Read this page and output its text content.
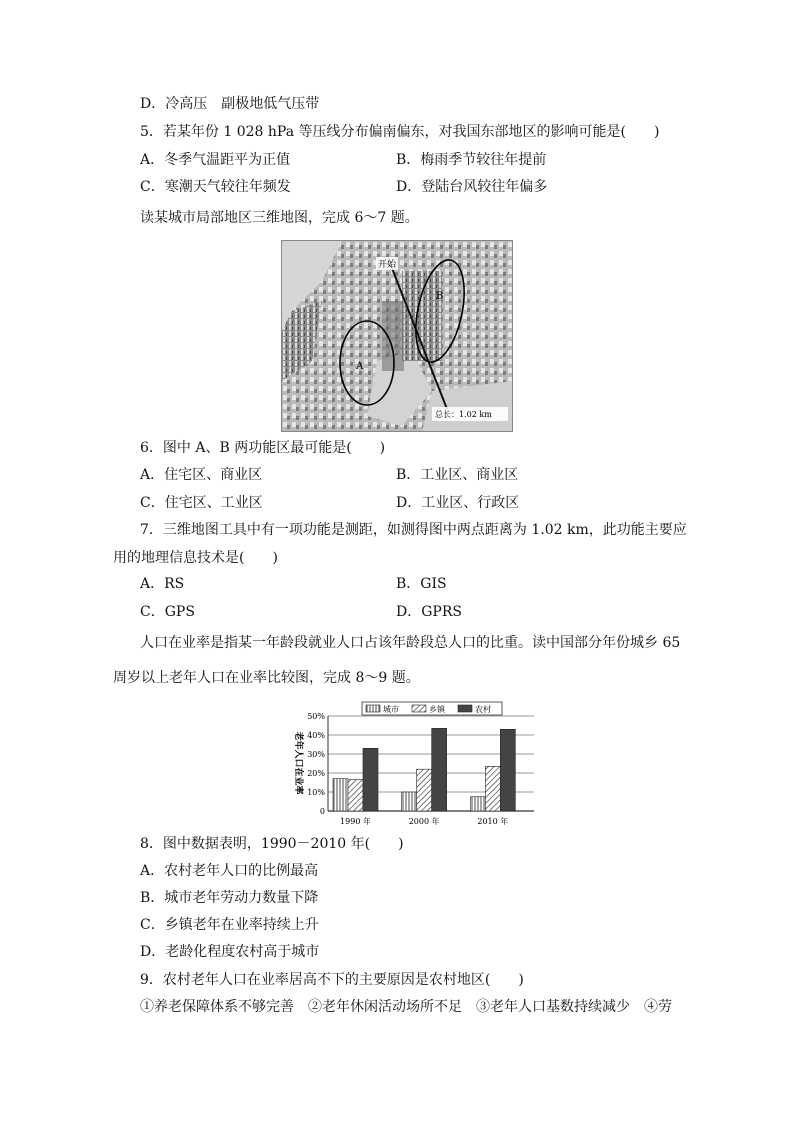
D．冷高压　副极地低气压带
5．若某年份 1 028 hPa 等压线分布偏南偏东，对我国东部地区的影响可能是(　　)
A．冬季气温距平为正值	B．梅雨季节较往年提前
C．寒潮天气较往年频发	D．登陆台风较往年偏多
读某城市局部地区三维地图，完成 6～7 题。
开始
B
A
总长：1.02 km
6．图中 A、B 两功能区最可能是(　　)
A．住宅区、商业区	B．工业区、商业区
C．住宅区、工业区	D．工业区、行政区
7．三维地图工具中有一项功能是测距，如测得图中两点距离为 1.02 km，此功能主要应
用的地理信息技术是(　　)
A．RS	B．GIS
C．GPS	D．GPRS
人口在业率是指某一年龄段就业人口占该年龄段总人口的比重。读中国部分年份城乡 65
周岁以上老年人口在业率比较图，完成 8～9 题。
老年人口在业率
0
10%
20%
30%
40%
50%
1990 年	2000 年	2010 年
城市	乡镇	农村
8．图中数据表明，1990－2010 年(　　)
A．农村老年人口的比例最高
B．城市老年劳动力数量下降
C．乡镇老年在业率持续上升
D．老龄化程度农村高于城市
9．农村老年人口在业率居高不下的主要原因是农村地区(　　)
①养老保障体系不够完善　②老年休闲活动场所不足　③老年人口基数持续减少　④劳
